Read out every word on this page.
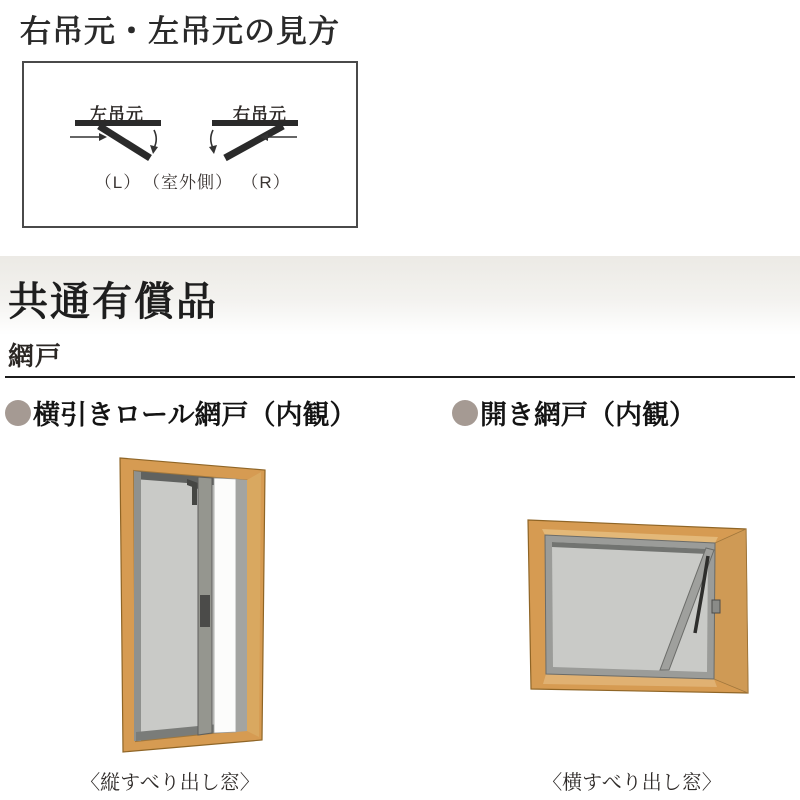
右吊元・左吊元の見方
左吊元	右吊元
（L） （室外側） （R）
共通有償品
網戸
横引きロール網戸（内観）	開き網戸（内観）
〈縦すべり出し窓〉	〈横すべり出し窓〉
